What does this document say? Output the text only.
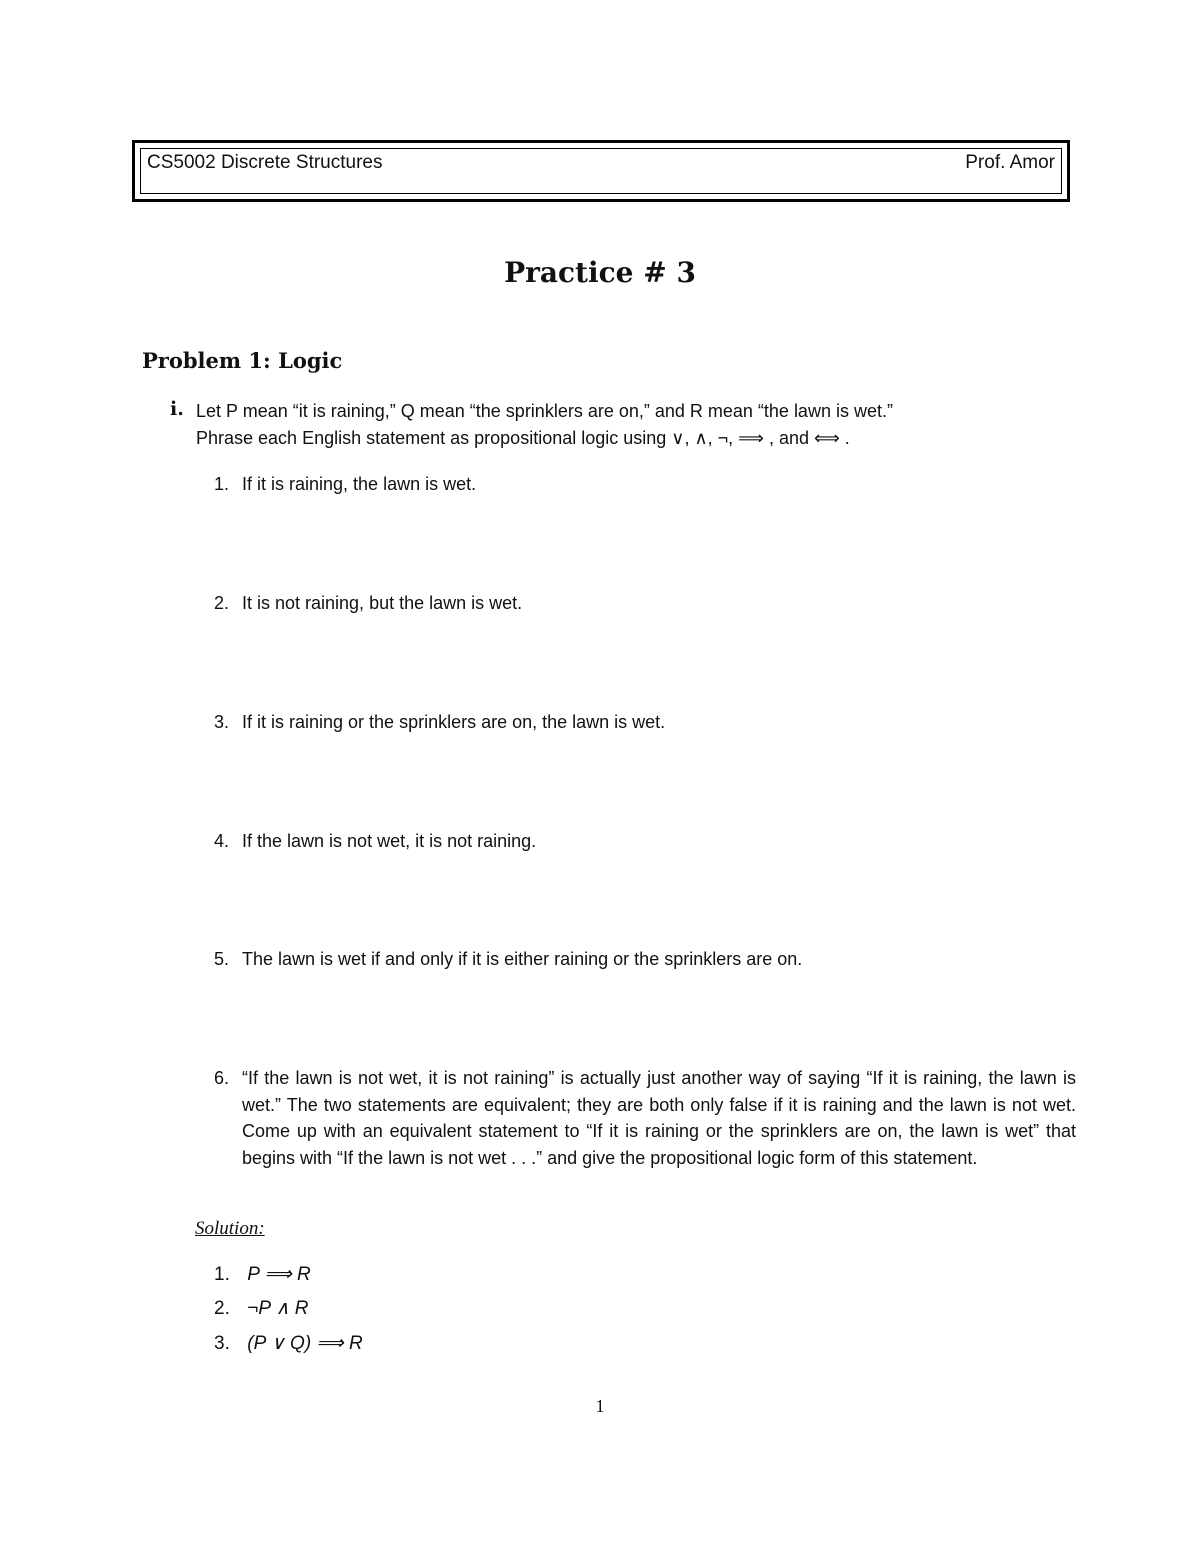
CS5002 Discrete Structures	Prof. Amor
Practice # 3
Problem 1: Logic
i. Let P mean “it is raining,” Q mean “the sprinklers are on,” and R mean “the lawn is wet.”
Phrase each English statement as propositional logic using ∨, ∧, ¬, ⟹ , and ⟺ .
1. If it is raining, the lawn is wet.
2. It is not raining, but the lawn is wet.
3. If it is raining or the sprinklers are on, the lawn is wet.
4. If the lawn is not wet, it is not raining.
5. The lawn is wet if and only if it is either raining or the sprinklers are on.
6. “If the lawn is not wet, it is not raining” is actually just another way of saying “If it is raining, the lawn is wet.” The two statements are equivalent; they are both only false if it is raining and the lawn is not wet. Come up with an equivalent statement to “If it is raining or the sprinklers are on, the lawn is wet” that begins with “If the lawn is not wet . . .” and give the propositional logic form of this statement.
Solution:
1. P ⟹ R
2. ¬P ∧ R
3. (P ∨ Q) ⟹ R
1
